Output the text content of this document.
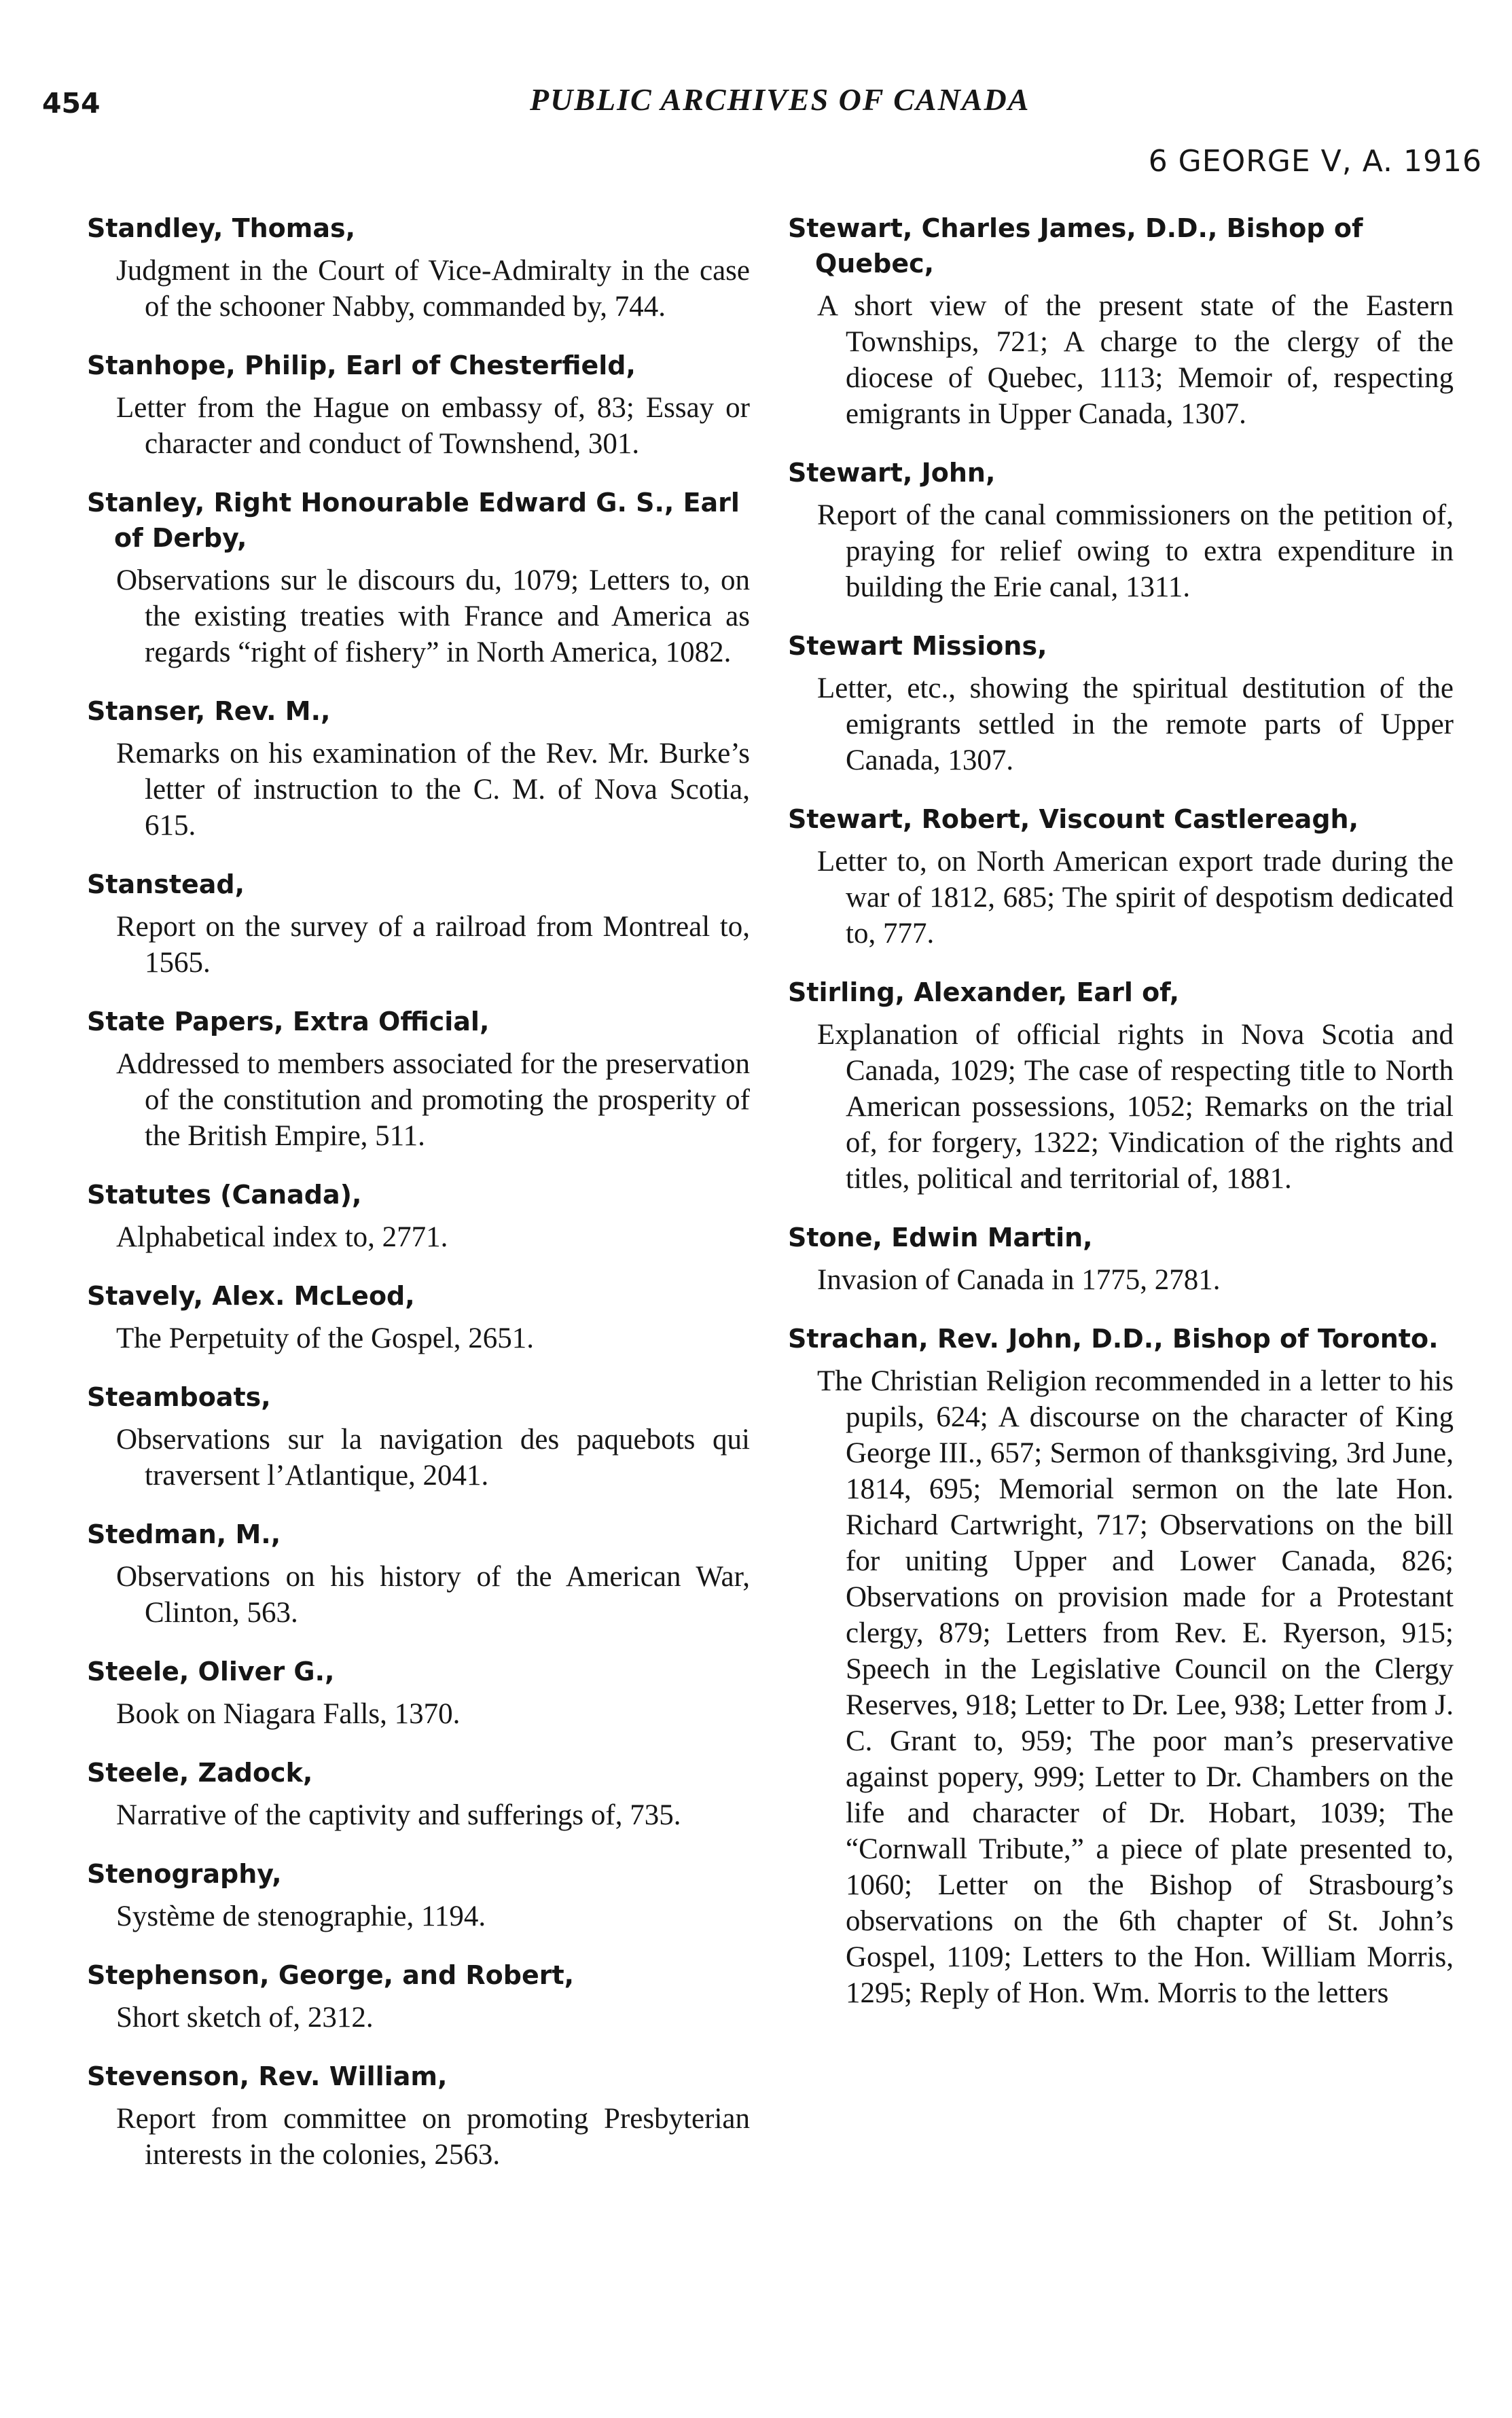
454	PUBLIC ARCHIVES OF CANADA
6 GEORGE V, A. 1916
Standley, Thomas,
Judgment in the Court of Vice-Admiralty in the case of the schooner Nabby, commanded by, 744.
Stanhope, Philip, Earl of Chesterfield,
Letter from the Hague on embassy of, 83; Essay or character and conduct of Townshend, 301.
Stanley, Right Honourable Edward G. S., Earl of Derby,
Observations sur le discours du, 1079; Letters to, on the existing treaties with France and America as regards “right of fishery” in North America, 1082.
Stanser, Rev. M.,
Remarks on his examination of the Rev. Mr. Burke’s letter of instruction to the C. M. of Nova Scotia, 615.
Stanstead,
Report on the survey of a railroad from Montreal to, 1565.
State Papers, Extra Official,
Addressed to members associated for the preservation of the constitution and promoting the prosperity of the British Empire, 511.
Statutes (Canada),
Alphabetical index to, 2771.
Stavely, Alex. McLeod,
The Perpetuity of the Gospel, 2651.
Steamboats,
Observations sur la navigation des paquebots qui traversent l’Atlantique, 2041.
Stedman, M.,
Observations on his history of the American War, Clinton, 563.
Steele, Oliver G.,
Book on Niagara Falls, 1370.
Steele, Zadock,
Narrative of the captivity and sufferings of, 735.
Stenography,
Système de stenographie, 1194.
Stephenson, George, and Robert,
Short sketch of, 2312.
Stevenson, Rev. William,
Report from committee on promoting Presbyterian interests in the colonies, 2563.
Stewart, Charles James, D.D., Bishop of Quebec,
A short view of the present state of the Eastern Townships, 721; A charge to the clergy of the diocese of Quebec, 1113; Memoir of, respecting emigrants in Upper Canada, 1307.
Stewart, John,
Report of the canal commissioners on the petition of, praying for relief owing to extra expenditure in building the Erie canal, 1311.
Stewart Missions,
Letter, etc., showing the spiritual destitution of the emigrants settled in the remote parts of Upper Canada, 1307.
Stewart, Robert, Viscount Castlereagh,
Letter to, on North American export trade during the war of 1812, 685; The spirit of despotism dedicated to, 777.
Stirling, Alexander, Earl of,
Explanation of official rights in Nova Scotia and Canada, 1029; The case of respecting title to North American possessions, 1052; Remarks on the trial of, for forgery, 1322; Vindication of the rights and titles, political and territorial of, 1881.
Stone, Edwin Martin,
Invasion of Canada in 1775, 2781.
Strachan, Rev. John, D.D., Bishop of Toronto.
The Christian Religion recommended in a letter to his pupils, 624; A discourse on the character of King George III., 657; Sermon of thanksgiving, 3rd June, 1814, 695; Memorial sermon on the late Hon. Richard Cartwright, 717; Observations on the bill for uniting Upper and Lower Canada, 826; Observations on provision made for a Protestant clergy, 879; Letters from Rev. E. Ryerson, 915; Speech in the Legislative Council on the Clergy Reserves, 918; Letter to Dr. Lee, 938; Letter from J. C. Grant to, 959; The poor man’s preservative against popery, 999; Letter to Dr. Chambers on the life and character of Dr. Hobart, 1039; The “Cornwall Tribute,” a piece of plate presented to, 1060; Letter on the Bishop of Strasbourg’s observations on the 6th chapter of St. John’s Gospel, 1109; Letters to the Hon. William Morris, 1295; Reply of Hon. Wm. Morris to the letters
